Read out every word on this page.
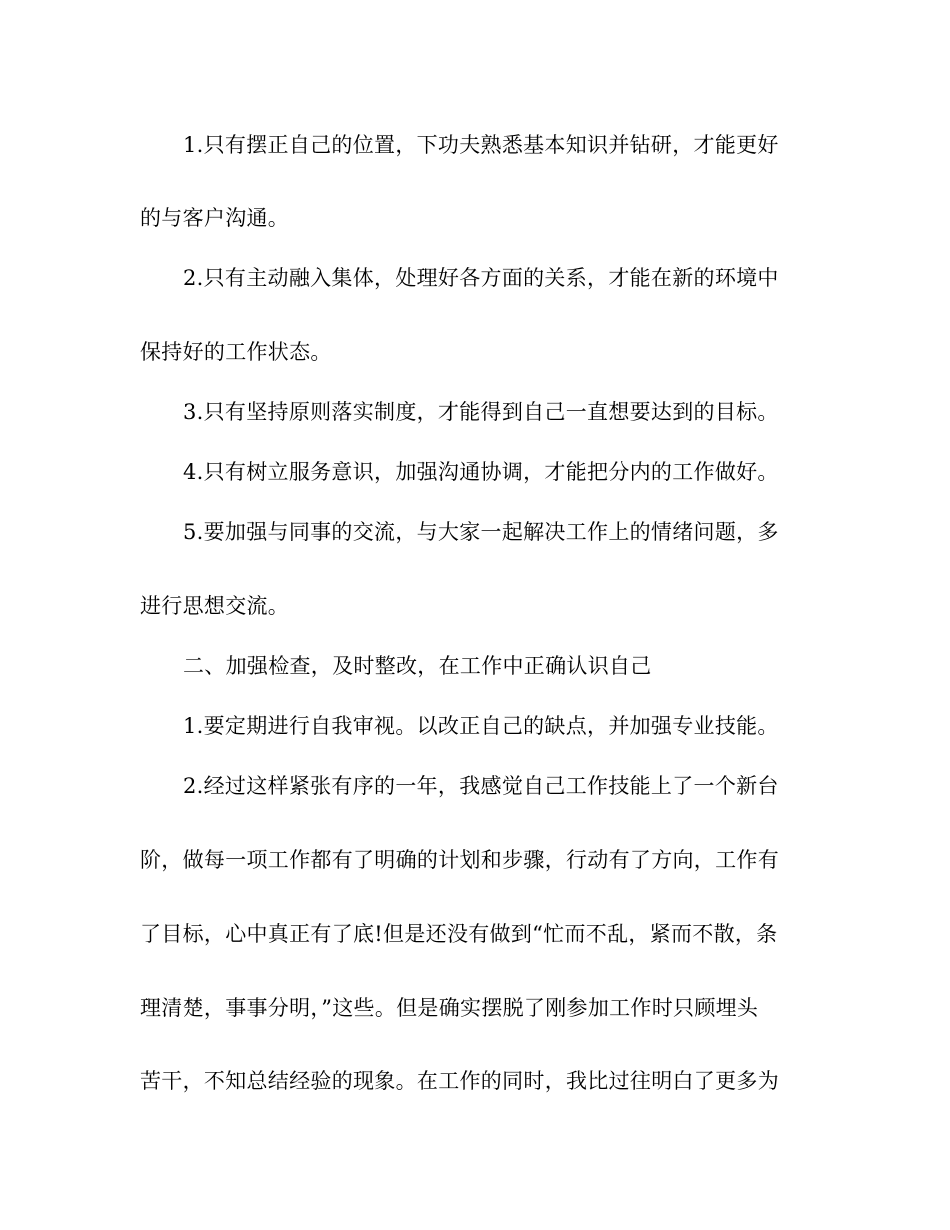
1.只有摆正自己的位置，下功夫熟悉基本知识并钻研，才能更好
的与客户沟通。
2.只有主动融入集体，处理好各方面的关系，才能在新的环境中
保持好的工作状态。
3.只有坚持原则落实制度，才能得到自己一直想要达到的目标。
4.只有树立服务意识，加强沟通协调，才能把分内的工作做好。
5.要加强与同事的交流，与大家一起解决工作上的情绪问题，多
进行思想交流。
二、加强检查，及时整改，在工作中正确认识自己
1.要定期进行自我审视。以改正自己的缺点，并加强专业技能。
2.经过这样紧张有序的一年，我感觉自己工作技能上了一个新台
阶，做每一项工作都有了明确的计划和步骤，行动有了方向，工作有
了目标，心中真正有了底!但是还没有做到“忙而不乱，紧而不散，条
理清楚，事事分明，”这些。但是确实摆脱了刚参加工作时只顾埋头
苦干，不知总结经验的现象。在工作的同时，我比过往明白了更多为
